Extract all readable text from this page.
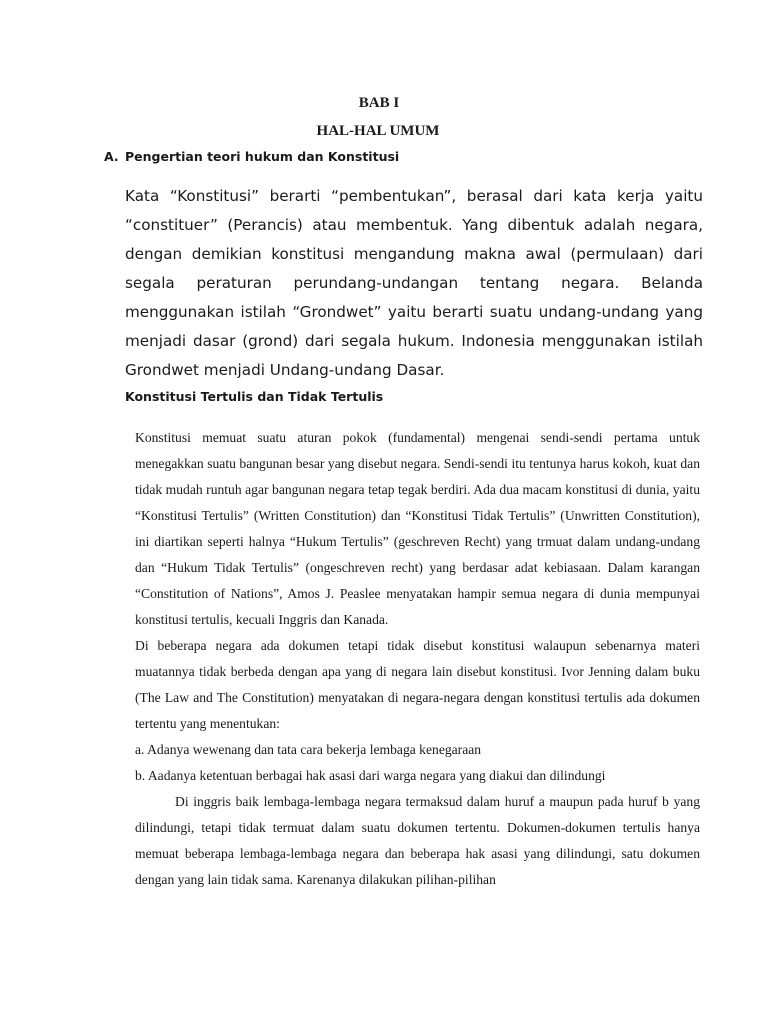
BAB I
HAL-HAL UMUM
A. Pengertian teori hukum dan Konstitusi

Kata “Konstitusi” berarti “pembentukan”, berasal dari kata kerja yaitu “constituer” (Perancis) atau membentuk. Yang dibentuk adalah negara, dengan demikian konstitusi mengandung makna awal (permulaan) dari segala peraturan perundang-undangan tentang negara. Belanda menggunakan istilah “Grondwet” yaitu berarti suatu undang-undang yang menjadi dasar (grond) dari segala hukum. Indonesia menggunakan istilah Grondwet menjadi Undang-undang Dasar.

Konstitusi Tertulis dan Tidak Tertulis

Konstitusi memuat suatu aturan pokok (fundamental) mengenai sendi-sendi pertama untuk menegakkan suatu bangunan besar yang disebut negara. Sendi-sendi itu tentunya harus kokoh, kuat dan tidak mudah runtuh agar bangunan negara tetap tegak berdiri. Ada dua macam konstitusi di dunia, yaitu “Konstitusi Tertulis” (Written Constitution) dan “Konstitusi Tidak Tertulis” (Unwritten Constitution), ini diartikan seperti halnya “Hukum Tertulis” (geschreven Recht) yang trmuat dalam undang-undang dan “Hukum Tidak Tertulis” (ongeschreven recht) yang berdasar adat kebiasaan. Dalam karangan “Constitution of Nations”, Amos J. Peaslee menyatakan hampir semua negara di dunia mempunyai konstitusi tertulis, kecuali Inggris dan Kanada.

Di beberapa negara ada dokumen tetapi tidak disebut konstitusi walaupun sebenarnya materi muatannya tidak berbeda dengan apa yang di negara lain disebut konstitusi. Ivor Jenning dalam buku (The Law and The Constitution) menyatakan di negara-negara dengan konstitusi tertulis ada dokumen tertentu yang menentukan:

a. Adanya wewenang dan tata cara bekerja lembaga kenegaraan

b. Aadanya ketentuan berbagai hak asasi dari warga negara yang diakui dan dilindungi

Di inggris baik lembaga-lembaga negara termaksud dalam huruf a maupun pada huruf b yang dilindungi, tetapi tidak termuat dalam suatu dokumen tertentu. Dokumen-dokumen tertulis hanya memuat beberapa lembaga-lembaga negara dan beberapa hak asasi yang dilindungi, satu dokumen dengan yang lain tidak sama. Karenanya dilakukan pilihan-pilihan
